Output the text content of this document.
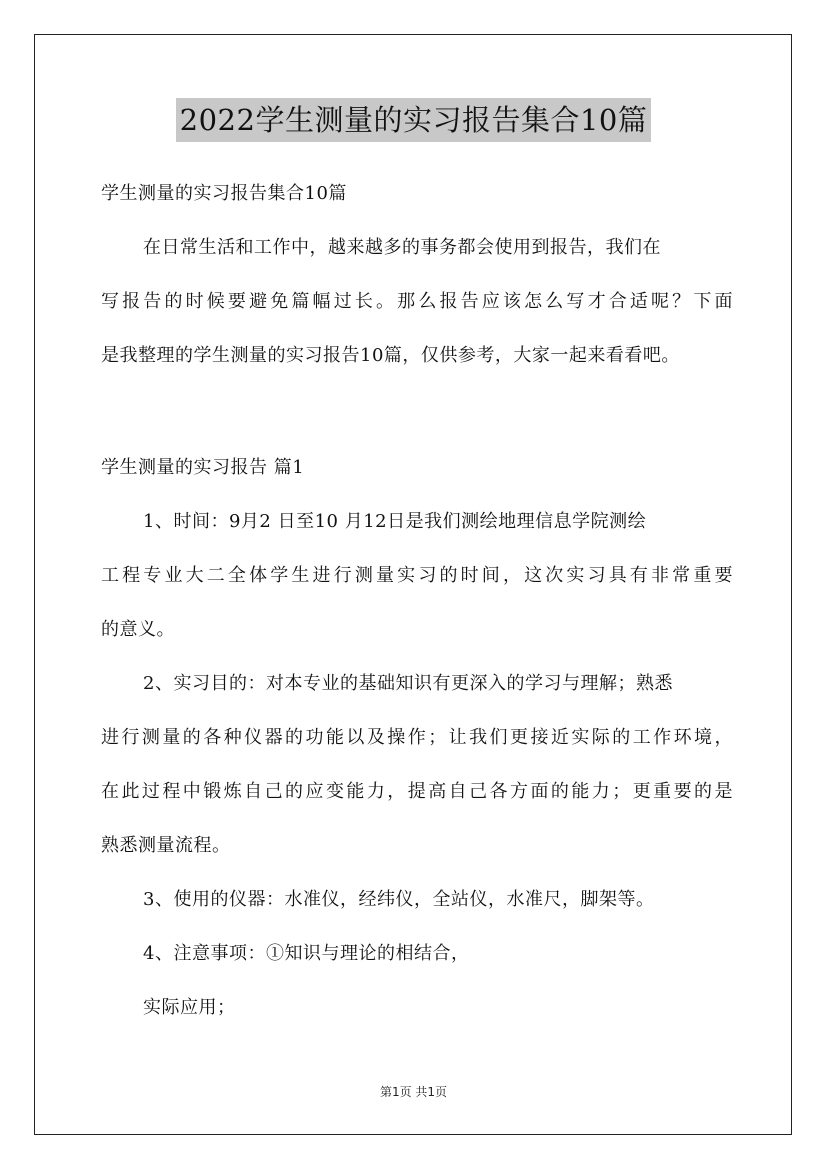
2022学生测量的实习报告集合10篇
学生测量的实习报告集合10篇
在日常生活和工作中，越来越多的事务都会使用到报告，我们在
写报告的时候要避免篇幅过长。那么报告应该怎么写才合适呢？下面
是我整理的学生测量的实习报告10篇，仅供参考，大家一起来看看吧。
学生测量的实习报告 篇1
1、时间：9月2 日至10 月12日是我们测绘地理信息学院测绘
工程专业大二全体学生进行测量实习的时间，这次实习具有非常重要
的意义。
2、实习目的：对本专业的基础知识有更深入的学习与理解；熟悉
进行测量的各种仪器的功能以及操作；让我们更接近实际的工作环境，
在此过程中锻炼自己的应变能力，提高自己各方面的能力；更重要的是
熟悉测量流程。
3、使用的仪器：水准仪，经纬仪，全站仪，水准尺，脚架等。
4、注意事项：①知识与理论的相结合，
实际应用；
第1页 共1页
